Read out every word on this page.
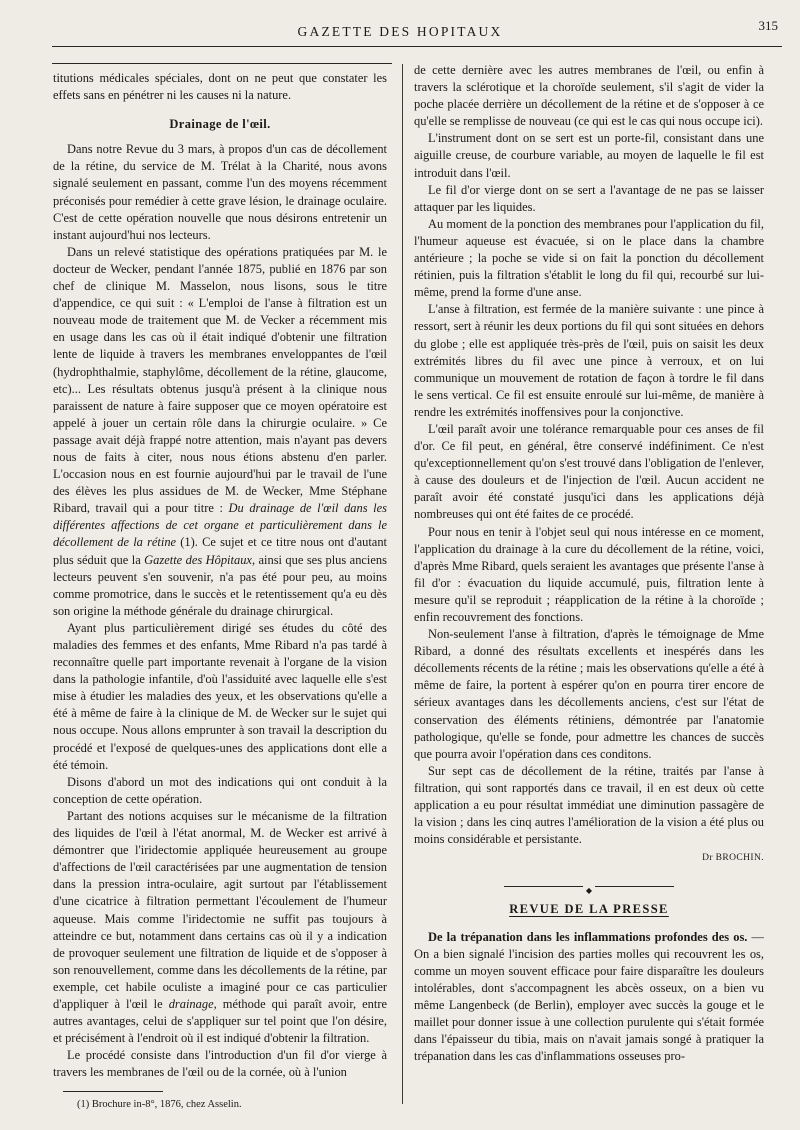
GAZETTE DES HOPITAUX	315

titutions médicales spéciales, dont on ne peut que constater les effets sans en pénétrer ni les causes ni la nature.

Drainage de l'œil.

Dans notre Revue du 3 mars, à propos d'un cas de décollement de la rétine, du service de M. Trélat à la Charité, nous avons signalé seulement en passant, comme l'un des moyens récemment préconisés pour remédier à cette grave lésion, le drainage oculaire. C'est de cette opération nouvelle que nous désirons entretenir un instant aujourd'hui nos lecteurs.

Dans un relevé statistique des opérations pratiquées par M. le docteur de Wecker, pendant l'année 1875, publié en 1876 par son chef de clinique M. Masselon, nous lisons, sous le titre d'appendice, ce qui suit : « L'emploi de l'anse à filtration est un nouveau mode de traitement que M. de Vecker a récemment mis en usage dans les cas où il était indiqué d'obtenir une filtration lente de liquide à travers les membranes enveloppantes de l'œil (hydrophthalmie, staphylôme, décollement de la rétine, glaucome, etc)... Les résultats obtenus jusqu'à présent à la clinique nous paraissent de nature à faire supposer que ce moyen opératoire est appelé à jouer un certain rôle dans la chirurgie oculaire. » Ce passage avait déjà frappé notre attention, mais n'ayant pas devers nous de faits à citer, nous nous étions abstenu d'en parler. L'occasion nous en est fournie aujourd'hui par le travail de l'une des élèves les plus assidues de M. de Wecker, Mme Stéphane Ribard, travail qui a pour titre : Du drainage de l'œil dans les différentes affections de cet organe et particulièrement dans le décollement de la rétine (1). Ce sujet et ce titre nous ont d'autant plus séduit que la Gazette des Hôpitaux, ainsi que ses plus anciens lecteurs peuvent s'en souvenir, n'a pas été pour peu, au moins comme promotrice, dans le succès et le retentissement qu'a eu dès son origine la méthode générale du drainage chirurgical.

Ayant plus particulièrement dirigé ses études du côté des maladies des femmes et des enfants, Mme Ribard n'a pas tardé à reconnaître quelle part importante revenait à l'organe de la vision dans la pathologie infantile, d'où l'assiduité avec laquelle elle s'est mise à étudier les maladies des yeux, et les observations qu'elle a été à même de faire à la clinique de M. de Wecker sur le sujet qui nous occupe. Nous allons emprunter à son travail la description du procédé et l'exposé de quelques-unes des applications dont elle a été témoin.

Disons d'abord un mot des indications qui ont conduit à la conception de cette opération.

Partant des notions acquises sur le mécanisme de la filtration des liquides de l'œil à l'état anormal, M. de Wecker est arrivé à démontrer que l'iridectomie appliquée heureusement au groupe d'affections de l'œil caractérisées par une augmentation de tension dans la pression intra-oculaire, agit surtout par l'établissement d'une cicatrice à filtration permettant l'écoulement de l'humeur aqueuse. Mais comme l'iridectomie ne suffit pas toujours à atteindre ce but, notamment dans certains cas où il y a indication de provoquer seulement une filtration de liquide et de s'opposer à son renouvellement, comme dans les décollements de la rétine, par exemple, cet habile oculiste a imaginé pour ce cas particulier d'appliquer à l'œil le drainage, méthode qui paraît avoir, entre autres avantages, celui de s'appliquer sur tel point que l'on désire, et précisément à l'endroit où il est indiqué d'obtenir la filtration.

Le procédé consiste dans l'introduction d'un fil d'or vierge à travers les membranes de l'œil ou de la cornée, où à l'union

(1) Brochure in-8°, 1876, chez Asselin.

de cette dernière avec les autres membranes de l'œil, ou enfin à travers la sclérotique et la choroïde seulement, s'il s'agit de vider la poche placée derrière un décollement de la rétine et de s'opposer à ce qu'elle se remplisse de nouveau (ce qui est le cas qui nous occupe ici).

L'instrument dont on se sert est un porte-fil, consistant dans une aiguille creuse, de courbure variable, au moyen de laquelle le fil est introduit dans l'œil.

Le fil d'or vierge dont on se sert a l'avantage de ne pas se laisser attaquer par les liquides.

Au moment de la ponction des membranes pour l'application du fil, l'humeur aqueuse est évacuée, si on le place dans la chambre antérieure ; la poche se vide si on fait la ponction du décollement rétinien, puis la filtration s'établit le long du fil qui, recourbé sur lui-même, prend la forme d'une anse.

L'anse à filtration, est fermée de la manière suivante : une pince à ressort, sert à réunir les deux portions du fil qui sont situées en dehors du globe ; elle est appliquée très-près de l'œil, puis on saisit les deux extrémités libres du fil avec une pince à verroux, et on lui communique un mouvement de rotation de façon à tordre le fil dans le sens vertical. Ce fil est ensuite enroulé sur lui-même, de manière à rendre les extrémités inoffensives pour la conjonctive.

L'œil paraît avoir une tolérance remarquable pour ces anses de fil d'or. Ce fil peut, en général, être conservé indéfiniment. Ce n'est qu'exceptionnellement qu'on s'est trouvé dans l'obligation de l'enlever, à cause des douleurs et de l'injection de l'œil. Aucun accident ne paraît avoir été constaté jusqu'ici dans les applications déjà nombreuses qui ont été faites de ce procédé.

Pour nous en tenir à l'objet seul qui nous intéresse en ce moment, l'application du drainage à la cure du décollement de la rétine, voici, d'après Mme Ribard, quels seraient les avantages que présente l'anse à fil d'or : évacuation du liquide accumulé, puis, filtration lente à mesure qu'il se reproduit ; réapplication de la rétine à la choroïde ; enfin recouvrement des fonctions.

Non-seulement l'anse à filtration, d'après le témoignage de Mme Ribard, a donné des résultats excellents et inespérés dans les décollements récents de la rétine ; mais les observations qu'elle a été à même de faire, la portent à espérer qu'on en pourra tirer encore de sérieux avantages dans les décollements anciens, c'est sur l'état de conservation des éléments rétiniens, démontrée par l'anatomie pathologique, qu'elle se fonde, pour admettre les chances de succès que pourra avoir l'opération dans ces conditons.

Sur sept cas de décollement de la rétine, traités par l'anse à filtration, qui sont rapportés dans ce travail, il en est deux où cette application a eu pour résultat immédiat une diminution passagère de la vision ; dans les cinq autres l'amélioration de la vision a été plus ou moins considérable et persistante.

Dr BROCHIN.
◆
REVUE DE LA PRESSE

De la trépanation dans les inflammations profondes des os. — On a bien signalé l'incision des parties molles qui recouvrent les os, comme un moyen souvent efficace pour faire disparaître les douleurs intolérables, dont s'accompagnent les abcès osseux, on a bien vu même Langenbeck (de Berlin), employer avec succès la gouge et le maillet pour donner issue à une collection purulente qui s'était formée dans l'épaisseur du tibia, mais on n'avait jamais songé à pratiquer la trépanation dans les cas d'inflammations osseuses pro-
